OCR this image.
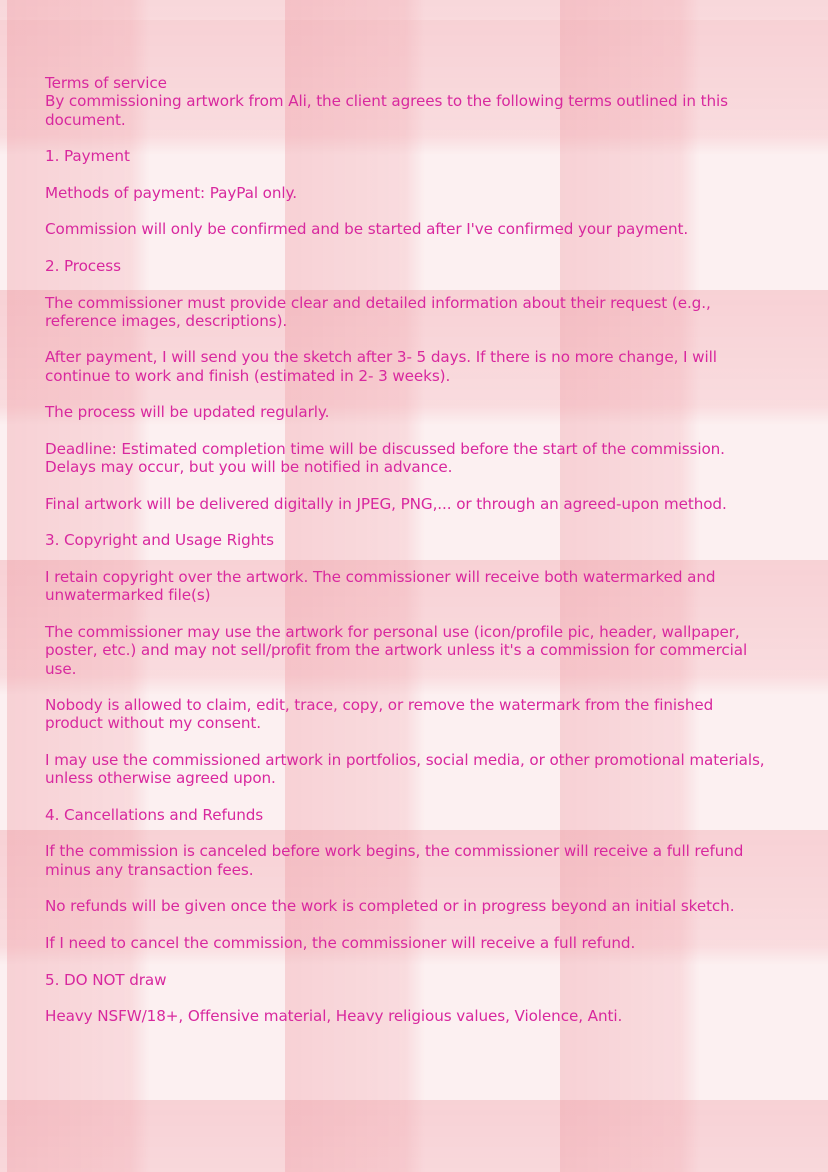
Terms of service

By commissioning artwork from Ali, the client agrees to the following terms outlined in this document.

1. Payment

Methods of payment: PayPal only.

Commission will only be confirmed and be started after I've confirmed your payment.

2. Process

The commissioner must provide clear and detailed information about their request (e.g., reference images, descriptions).

After payment, I will send you the sketch after 3- 5 days. If there is no more change, I will continue to work and finish (estimated in 2- 3 weeks).

The process will be updated regularly.

Deadline: Estimated completion time will be discussed before the start of the commission. Delays may occur, but you will be notified in advance.

Final artwork will be delivered digitally in JPEG, PNG,... or through an agreed-upon method.

3. Copyright and Usage Rights

I retain copyright over the artwork. The commissioner will receive both watermarked and unwatermarked file(s)

The commissioner may use the artwork for personal use (icon/profile pic, header, wallpaper, poster, etc.) and may not sell/profit from the artwork unless it's a commission for commercial use.

Nobody is allowed to claim, edit, trace, copy, or remove the watermark from the finished product without my consent.

I may use the commissioned artwork in portfolios, social media, or other promotional materials, unless otherwise agreed upon.

4. Cancellations and Refunds

If the commission is canceled before work begins, the commissioner will receive a full refund minus any transaction fees.

No refunds will be given once the work is completed or in progress beyond an initial sketch.

If I need to cancel the commission, the commissioner will receive a full refund.

5. DO NOT draw

Heavy NSFW/18+, Offensive material, Heavy religious values, Violence, Anti.
